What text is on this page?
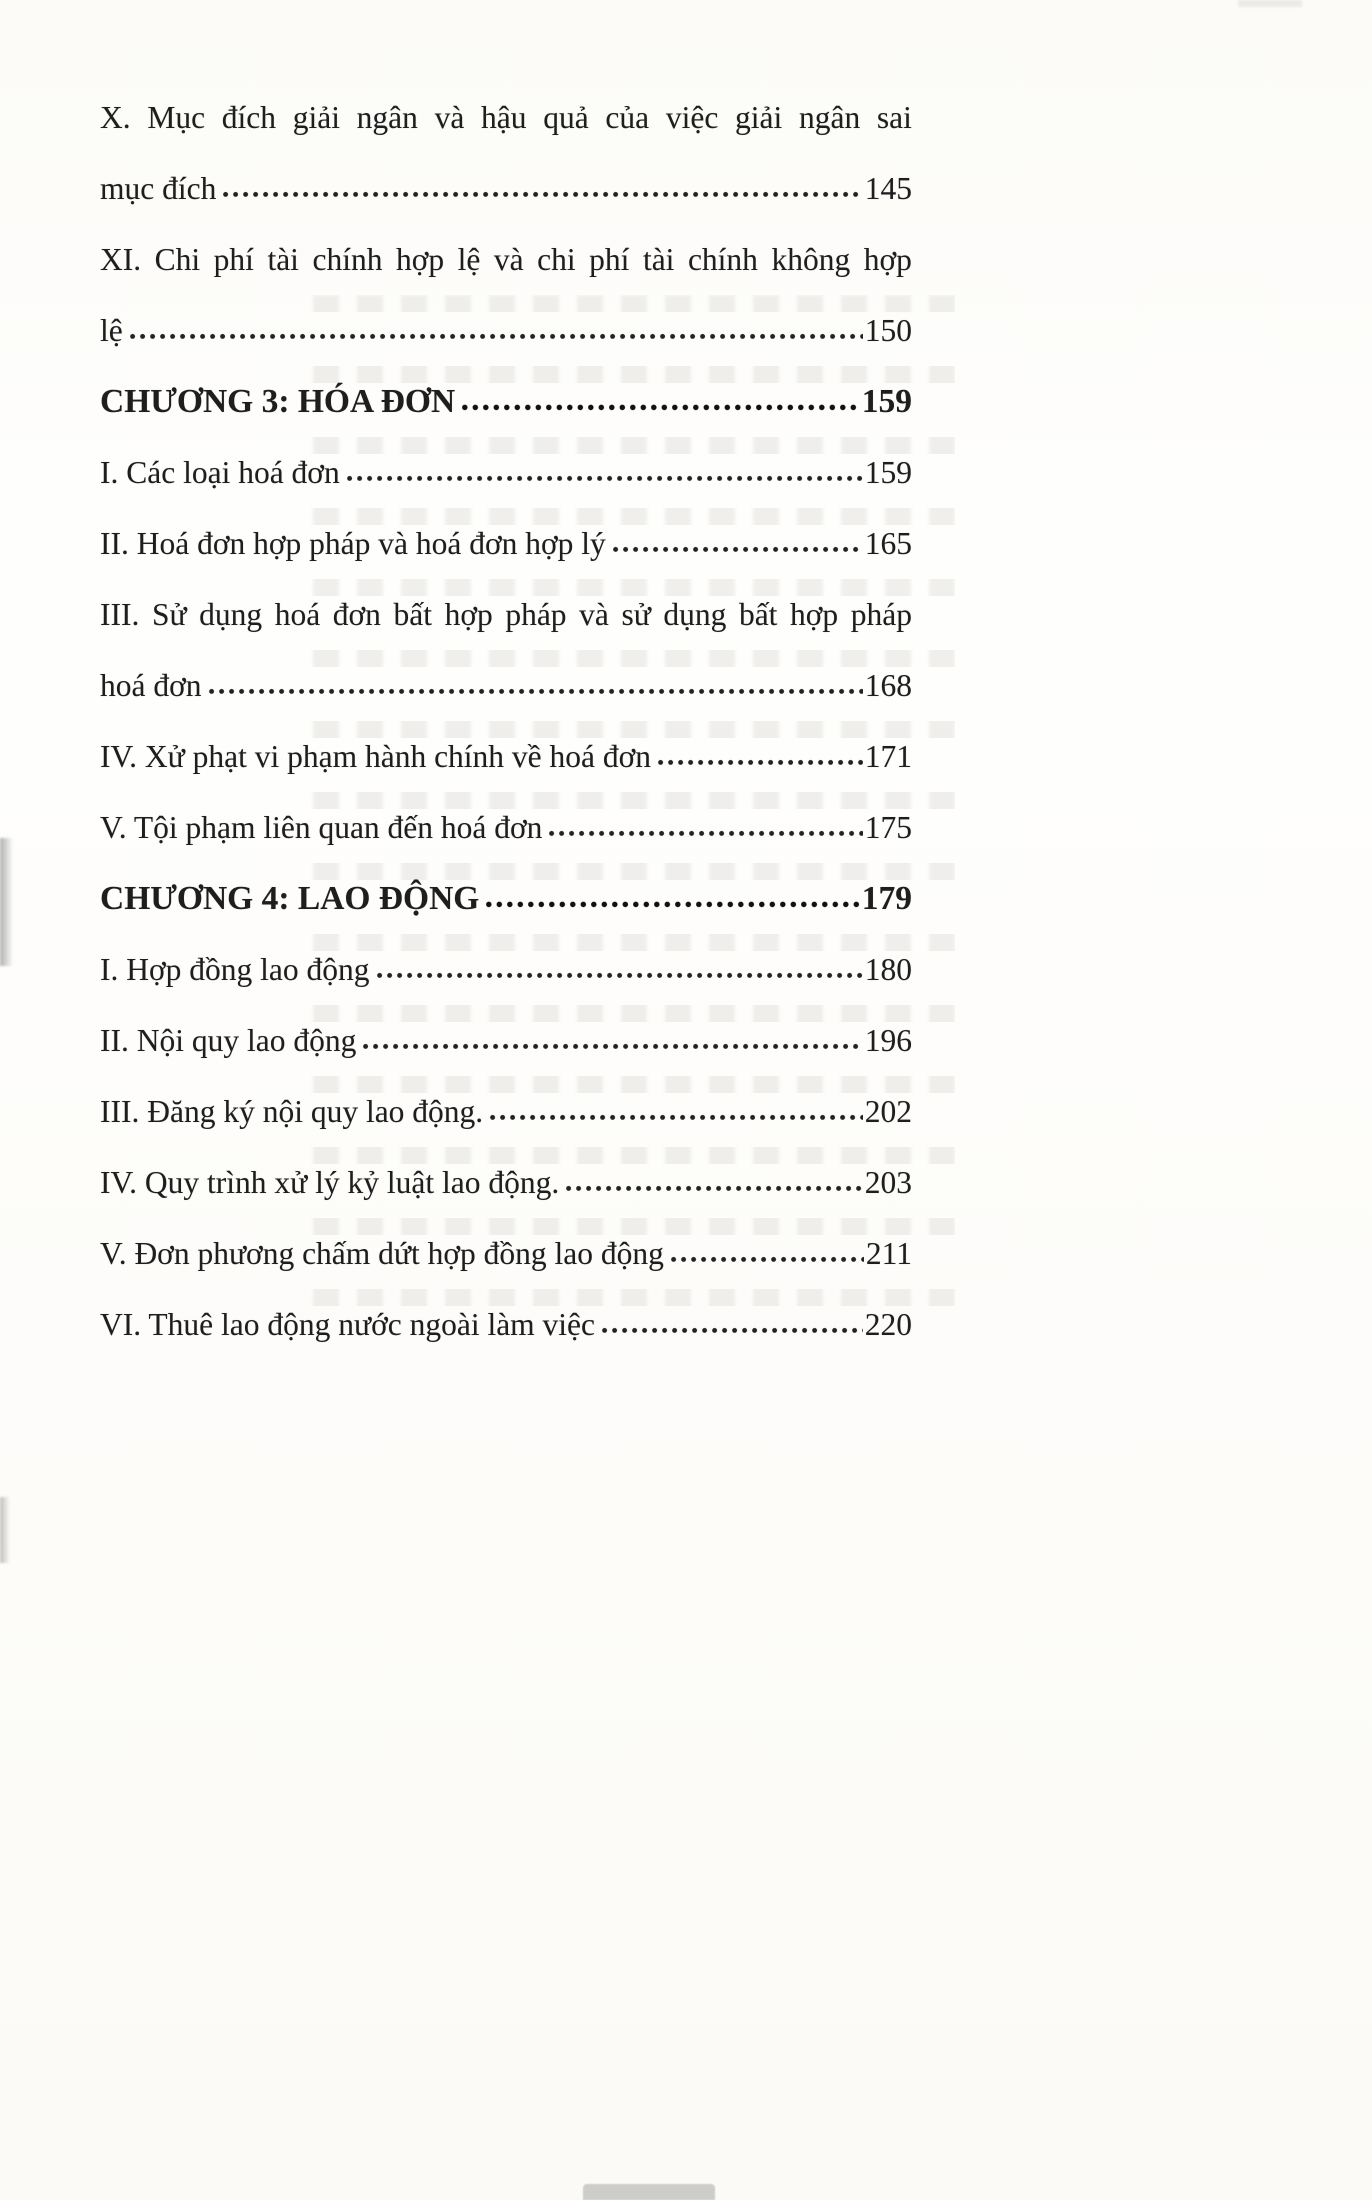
X. Mục đích giải ngân và hậu quả của việc giải ngân sai
mục đích	145
XI. Chi phí tài chính hợp lệ và chi phí tài chính không hợp
lệ	150
CHƯƠNG 3: HÓA ĐƠN	159
I. Các loại hoá đơn	159
II. Hoá đơn hợp pháp và hoá đơn hợp lý	165
III. Sử dụng hoá đơn bất hợp pháp và sử dụng bất hợp pháp
hoá đơn	168
IV. Xử phạt vi phạm hành chính về hoá đơn	171
V. Tội phạm liên quan đến hoá đơn	175
CHƯƠNG 4: LAO ĐỘNG	179
I. Hợp đồng lao động	180
II. Nội quy lao động	196
III. Đăng ký nội quy lao động.	202
IV. Quy trình xử lý kỷ luật lao động.	203
V. Đơn phương chấm dứt hợp đồng lao động	211
VI. Thuê lao động nước ngoài làm việc	220
